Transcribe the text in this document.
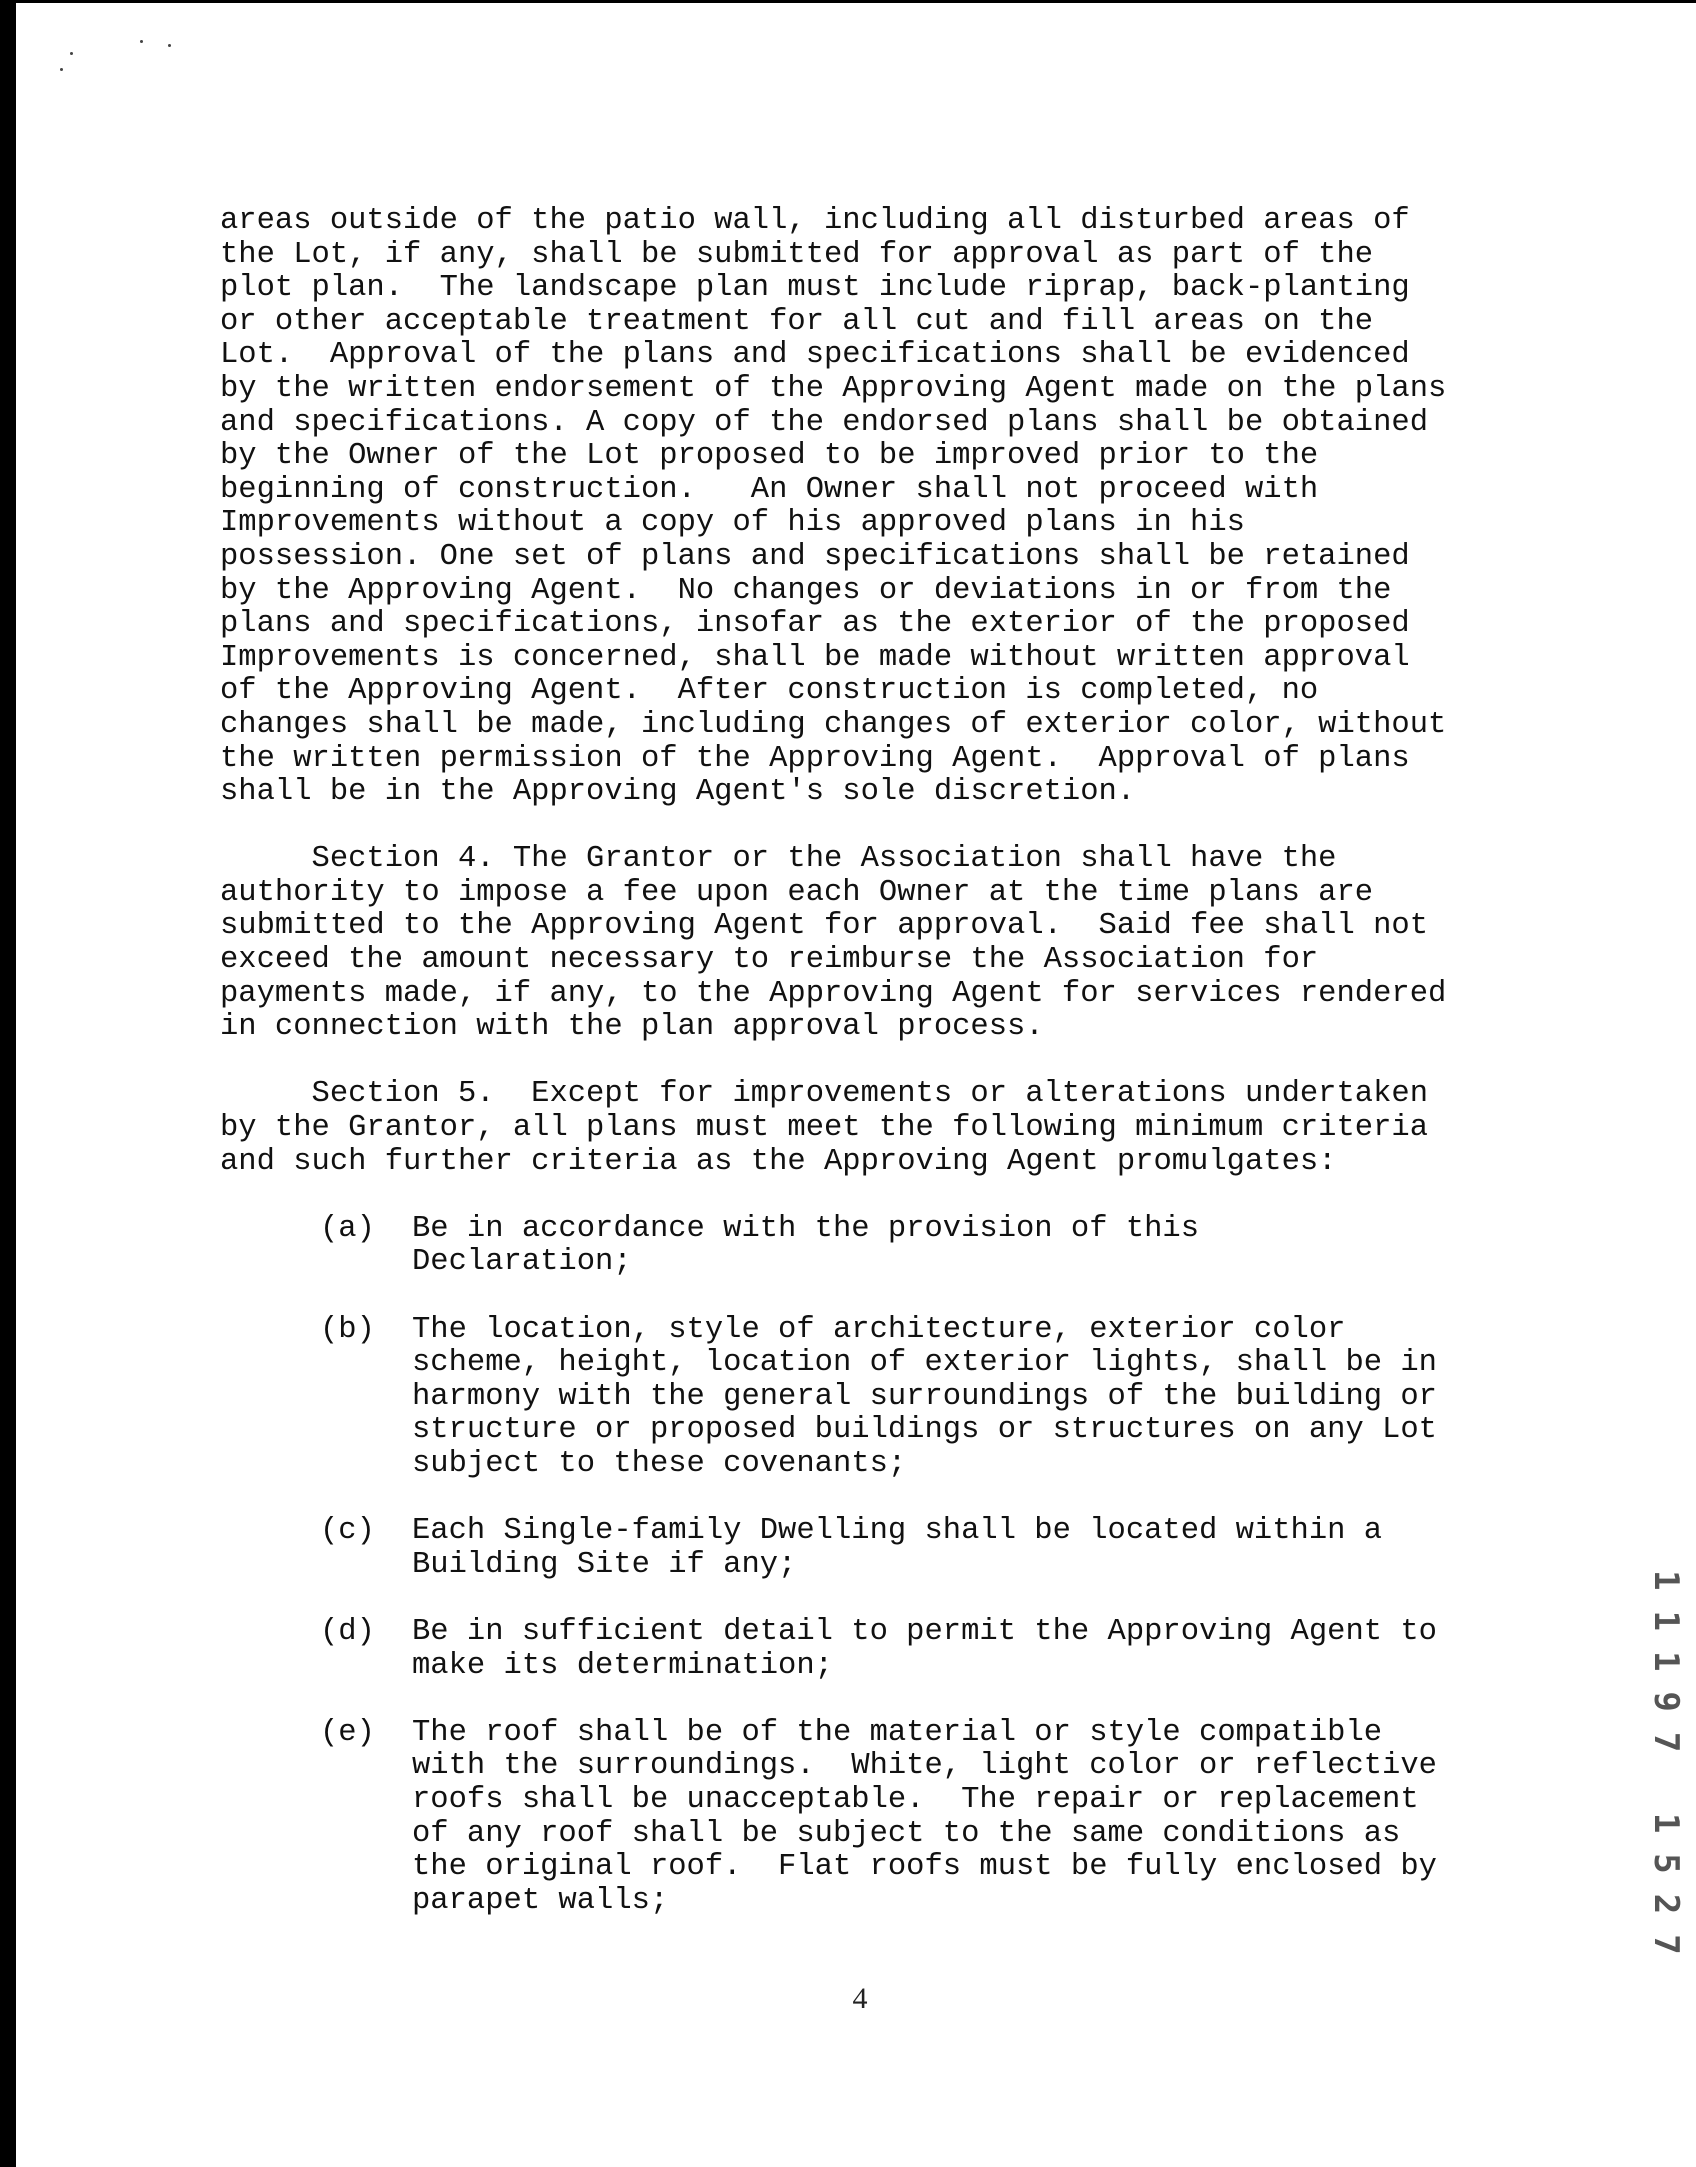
areas outside of the patio wall, including all disturbed areas of
the Lot, if any, shall be submitted for approval as part of the
plot plan.  The landscape plan must include riprap, back-planting
or other acceptable treatment for all cut and fill areas on the
Lot.  Approval of the plans and specifications shall be evidenced
by the written endorsement of the Approving Agent made on the plans
and specifications. A copy of the endorsed plans shall be obtained
by the Owner of the Lot proposed to be improved prior to the
beginning of construction.   An Owner shall not proceed with
Improvements without a copy of his approved plans in his
possession. One set of plans and specifications shall be retained
by the Approving Agent.  No changes or deviations in or from the
plans and specifications, insofar as the exterior of the proposed
Improvements is concerned, shall be made without written approval
of the Approving Agent.  After construction is completed, no
changes shall be made, including changes of exterior color, without
the written permission of the Approving Agent.  Approval of plans
shall be in the Approving Agent's sole discretion.
Section 4. The Grantor or the Association shall have the
authority to impose a fee upon each Owner at the time plans are
submitted to the Approving Agent for approval.  Said fee shall not
exceed the amount necessary to reimburse the Association for
payments made, if any, to the Approving Agent for services rendered
in connection with the plan approval process.
Section 5.  Except for improvements or alterations undertaken
by the Grantor, all plans must meet the following minimum criteria
and such further criteria as the Approving Agent promulgates:
(a)	Be in accordance with the provision of this
Declaration;
(b)	The location, style of architecture, exterior color
scheme, height, location of exterior lights, shall be in
harmony with the general surroundings of the building or
structure or proposed buildings or structures on any Lot
subject to these covenants;
(c)	Each Single-family Dwelling shall be located within a
Building Site if any;
(d)	Be in sufficient detail to permit the Approving Agent to
make its determination;
(e)	The roof shall be of the material or style compatible
with the surroundings.  White, light color or reflective
roofs shall be unacceptable.  The repair or replacement
of any roof shall be subject to the same conditions as
the original roof.  Flat roofs must be fully enclosed by
parapet walls;
4
11197 1527
